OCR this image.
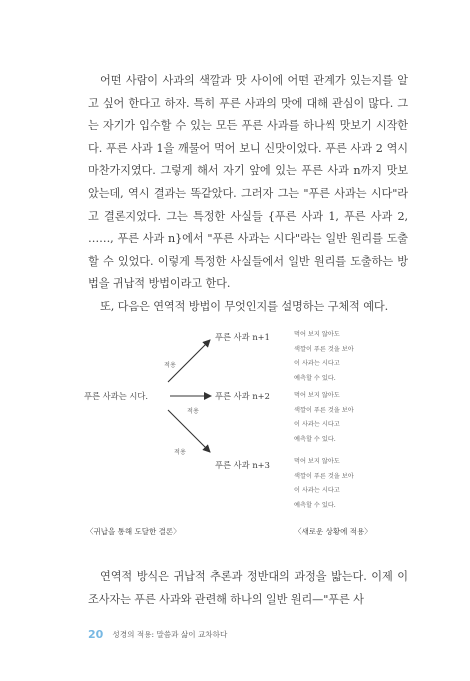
어떤 사람이 사과의 색깔과 맛 사이에 어떤 관계가 있는지를 알고 싶어 한다고 하자. 특히 푸른 사과의 맛에 대해 관심이 많다. 그는 자기가 입수할 수 있는 모든 푸른 사과를 하나씩 맛보기 시작한다. 푸른 사과 1을 깨물어 먹어 보니 신맛이었다. 푸른 사과 2 역시 마찬가지였다. 그렇게 해서 자기 앞에 있는 푸른 사과 n까지 맛보았는데, 역시 결과는 똑같았다. 그러자 그는 "푸른 사과는 시다"라고 결론지었다. 그는 특정한 사실들 {푸른 사과 1, 푸른 사과 2, ……, 푸른 사과 n}에서 "푸른 사과는 시다"라는 일반 원리를 도출할 수 있었다. 이렇게 특정한 사실들에서 일반 원리를 도출하는 방법을 귀납적 방법이라고 한다.

또, 다음은 연역적 방법이 무엇인지를 설명하는 구체적 예다.

푸른 사과는 시다.
적용
적용
적용
푸른 사과 n+1
푸른 사과 n+2
푸른 사과 n+3
먹어 보지 않아도
색깔이 푸른 것을 보아
이 사과는 시다고
예측할 수 있다.
먹어 보지 않아도
색깔이 푸른 것을 보아
이 사과는 시다고
예측할 수 있다.
먹어 보지 않아도
색깔이 푸른 것을 보아
이 사과는 시다고
예측할 수 있다.
〈귀납을 통해 도달한 결론〉	〈새로운 상황에 적용〉

연역적 방식은 귀납적 추론과 정반대의 과정을 밟는다. 이제 이 조사자는 푸른 사과와 관련해 하나의 일반 원리—"푸른 사

20 성경의 적용: 말씀과 삶이 교차하다
